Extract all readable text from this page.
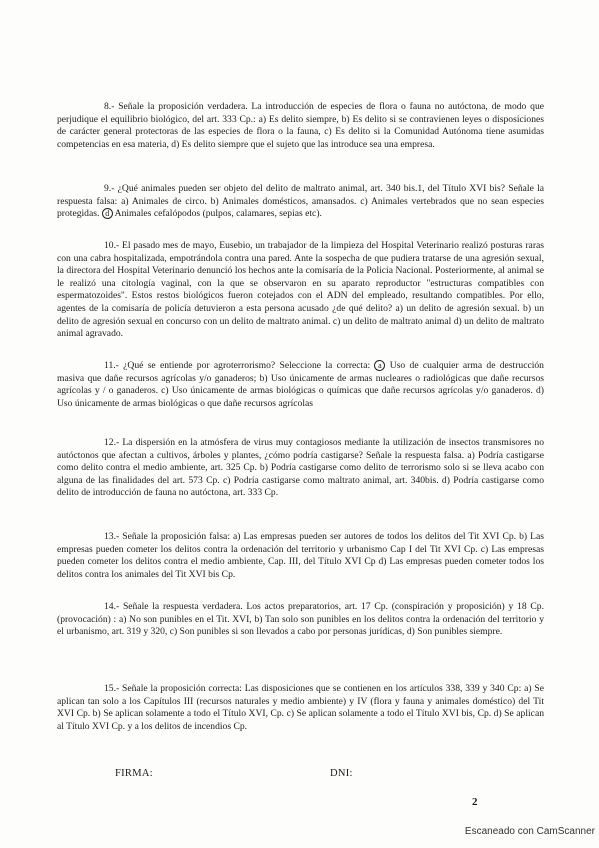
8.- Señale la proposición verdadera. La introducción de especies de flora o fauna no autóctona, de modo que perjudique el equilibrio biológico, del art. 333 Cp.: a) Es delito siempre, b) Es delito si se contravienen leyes o disposiciones de carácter general protectoras de las especies de flora o la fauna, c) Es delito si la Comunidad Autónoma tiene asumidas competencias en esa materia, d) Es delito siempre que el sujeto que las introduce sea una empresa.

9.- ¿Qué animales pueden ser objeto del delito de maltrato animal, art. 340 bis.1, del Título XVI bis? Señale la respuesta falsa: a) Animales de circo. b) Animales domésticos, amansados. c) Animales vertebrados que no sean especies protegidas. d Animales cefalópodos (pulpos, calamares, sepias etc).

10.- El pasado mes de mayo, Eusebio, un trabajador de la limpieza del Hospital Veterinario realizó posturas raras con una cabra hospitalizada, empotrándola contra una pared. Ante la sospecha de que pudiera tratarse de una agresión sexual, la directora del Hospital Veterinario denunció los hechos ante la comisaría de la Policía Nacional. Posteriormente, al animal se le realizó una citología vaginal, con la que se observaron en su aparato reproductor "estructuras compatibles con espermatozoides". Estos restos biológicos fueron cotejados con el ADN del empleado, resultando compatibles. Por ello, agentes de la comisaría de policía detuvieron a esta persona acusado ¿de qué delito? a) un delito de agresión sexual. b) un delito de agresión sexual en concurso con un delito de maltrato animal. c) un delito de maltrato animal d) un delito de maltrato animal agravado.

11.- ¿Qué se entiende por agroterrorismo? Seleccione la correcta: a Uso de cualquier arma de destrucción masiva que dañe recursos agrícolas y/o ganaderos; b) Uso únicamente de armas nucleares o radiológicas que dañe recursos agrícolas y / o ganaderos. c) Uso únicamente de armas biológicas o químicas que dañe recursos agrícolas y/o ganaderos. d) Uso únicamente de armas biológicas o que dañe recursos agrícolas

12.- La dispersión en la atmósfera de virus muy contagiosos mediante la utilización de insectos transmisores no autóctonos que afectan a cultivos, árboles y plantes, ¿cómo podría castigarse? Señale la respuesta falsa. a) Podría castigarse como delito contra el medio ambiente, art. 325 Cp. b) Podría castigarse como delito de terrorismo solo si se lleva acabo con alguna de las finalidades del art. 573 Cp. c) Podría castigarse como maltrato animal, art. 340bis. d) Podría castigarse como delito de introducción de fauna no autóctona, art. 333 Cp.

13.- Señale la proposición falsa: a) Las empresas pueden ser autores de todos los delitos del Tit XVI Cp. b) Las empresas pueden cometer los delitos contra la ordenación del territorio y urbanismo Cap I del Tit XVI Cp. c) Las empresas pueden cometer los delitos contra el medio ambiente, Cap. III, del Título XVI Cp d) Las empresas pueden cometer todos los delitos contra los animales del Tit XVI bis Cp.

14.- Señale la respuesta verdadera. Los actos preparatorios, art. 17 Cp. (conspiración y proposición) y 18 Cp. (provocación) : a) No son punibles en el Tit. XVI, b) Tan solo son punibles en los delitos contra la ordenación del territorio y el urbanismo, art. 319 y 320, c) Son punibles si son llevados a cabo por personas jurídicas, d) Son punibles siempre.

15.- Señale la proposición correcta: Las disposiciones que se contienen en los artículos 338, 339 y 340 Cp: a) Se aplican tan solo a los Capítulos III (recursos naturales y medio ambiente) y IV (flora y fauna y animales doméstico) del Tit XVI Cp. b) Se aplican solamente a todo el Título XVI, Cp. c) Se aplican solamente a todo el Título XVI bis, Cp. d) Se aplican al Título XVI Cp. y a los delitos de incendios Cp.

FIRMA:	DNI:
2
Escaneado con CamScanner
